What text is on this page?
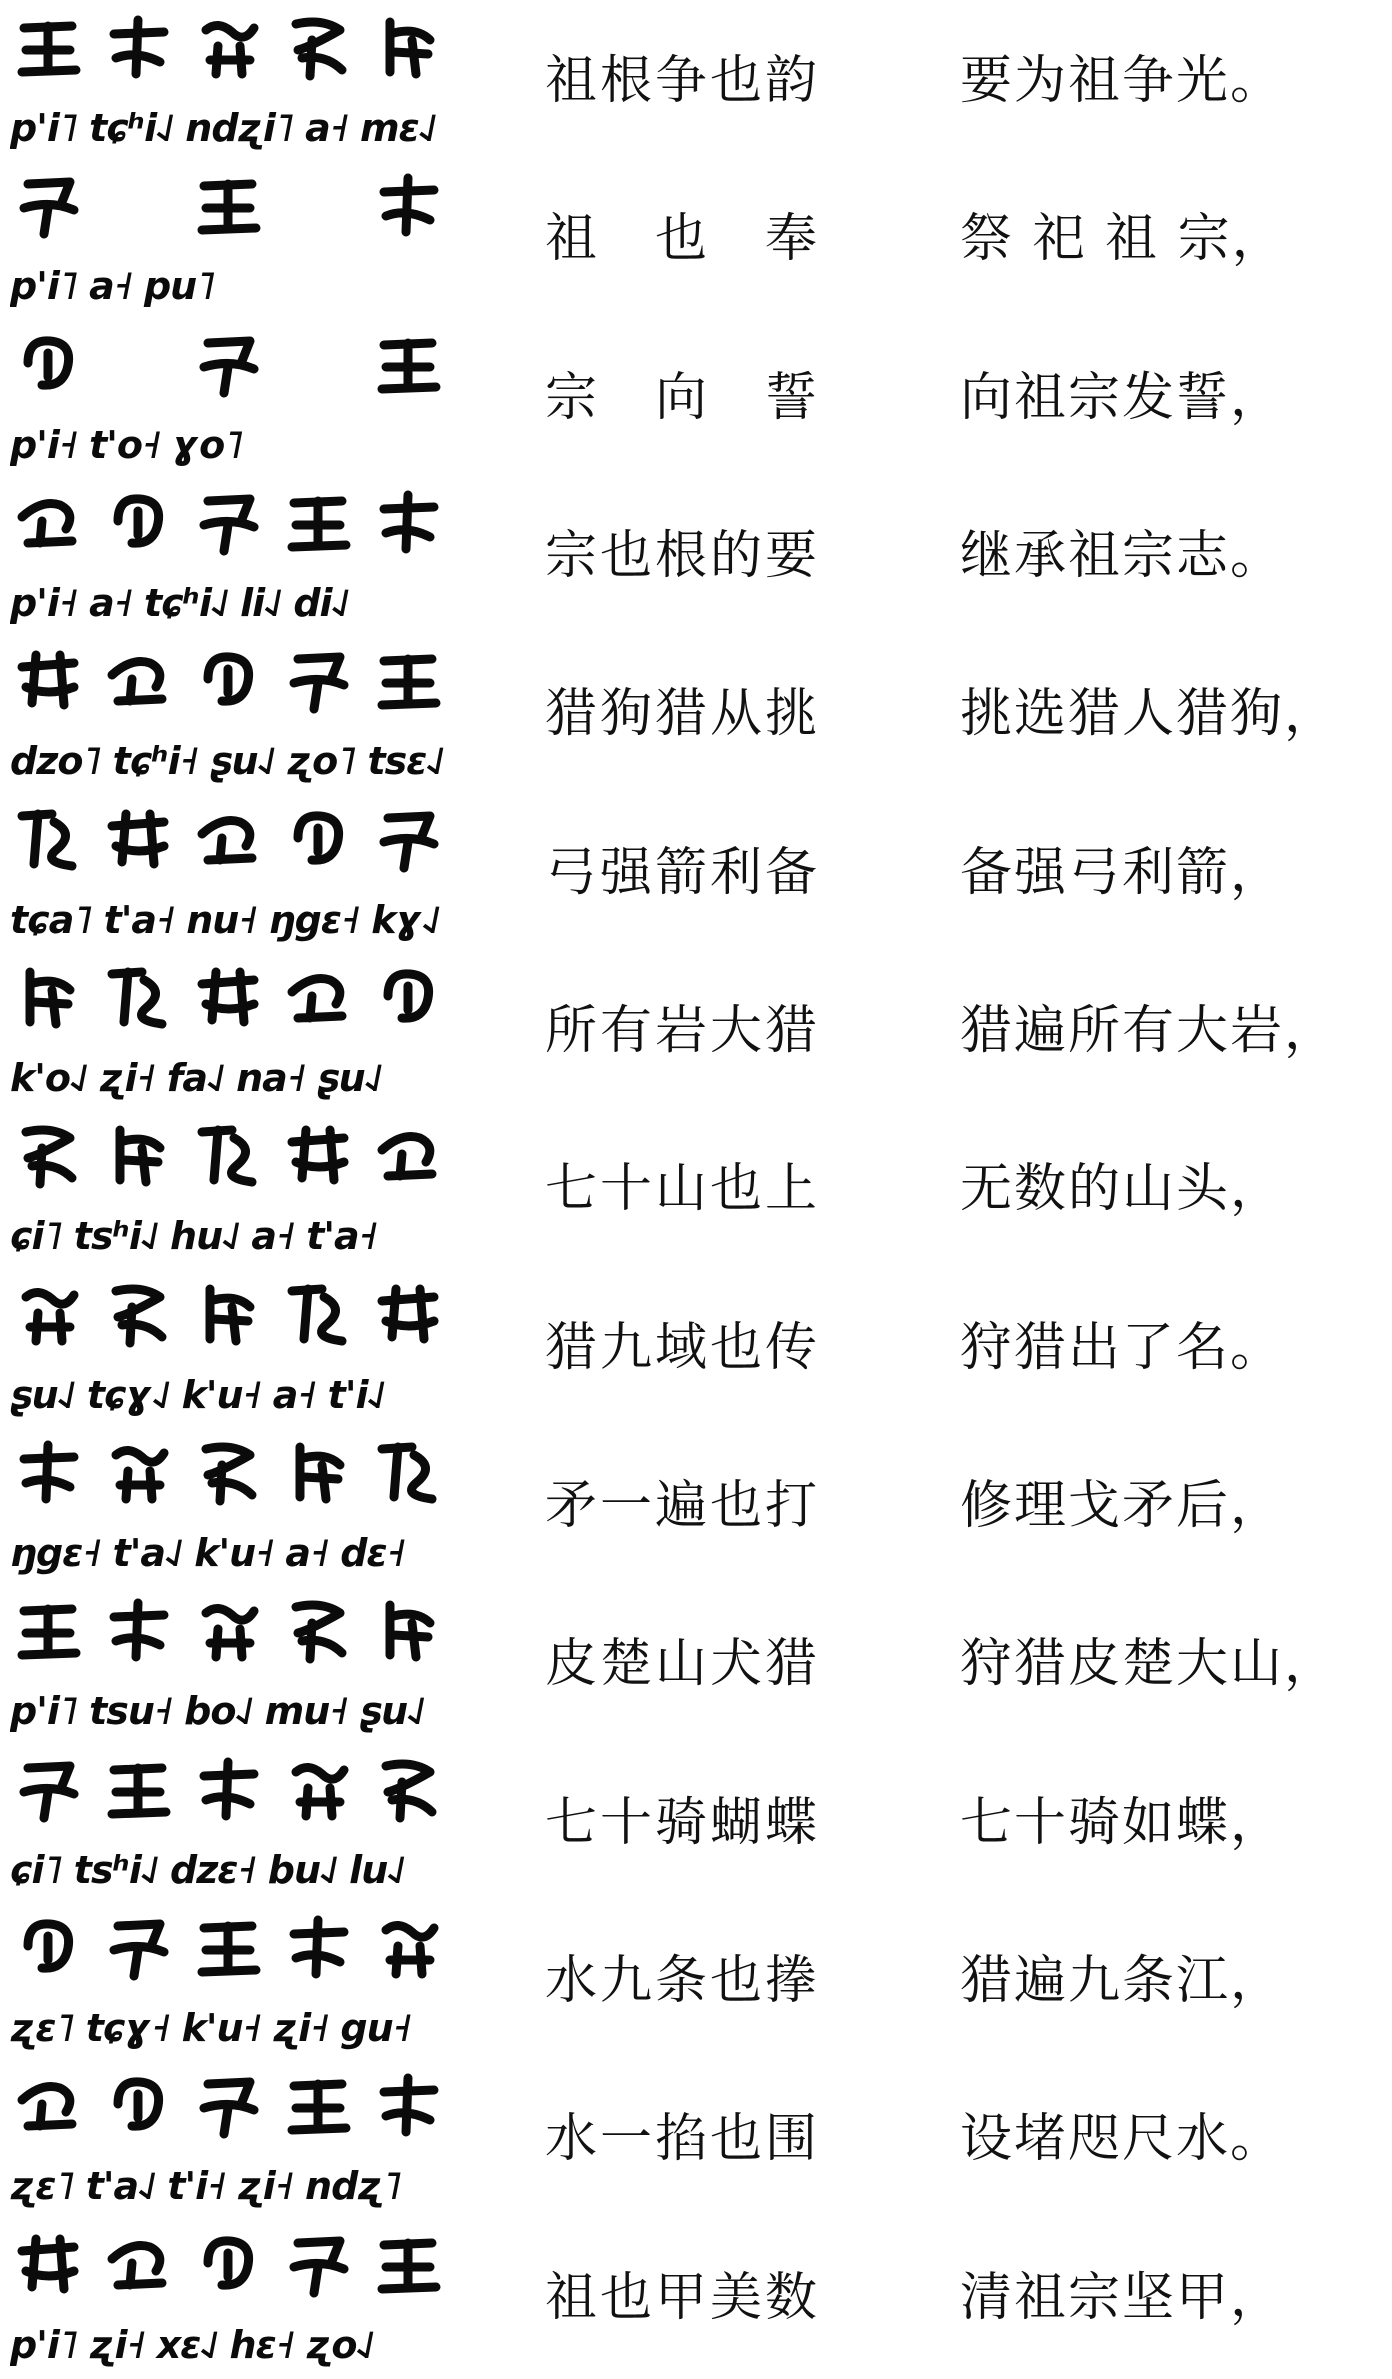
p'i˥ tɕʰi˨˩ ndʐi˥ a˧ mɛ˨˩
祖根争也韵	要为祖争光。
p'i˥ a˧ pu˥
祖　也　奉	祭 祀 祖 宗，
p'i˧ t'o˧ ɣo˥
宗　向　誓	向祖宗发誓，
p'i˧ a˧ tɕʰi˨˩ li˨˩ di˨˩
宗也根的要	继承祖宗志。
dzo˥ tɕʰi˧ ʂu˨˩ ʐo˥ tsɛ˨˩
猎狗猎从挑	挑选猎人猎狗，
tɕa˥ t'a˧ nu˧ ŋgɛ˧ kɣ˨˩
弓强箭利备	备强弓利箭，
k'o˨˩ ʐi˧ fa˨˩ na˧ ʂu˨˩
所有岩大猎	猎遍所有大岩，
ɕi˥ tsʰi˨˩ hu˨˩ a˧ t'a˧
七十山也上	无数的山头，
ʂu˨˩ tɕɣ˨˩ k'u˧ a˧ t'i˨˩
猎九域也传	狩猎出了名。
ŋgɛ˧ t'a˨˩ k'u˧ a˧ dɛ˧
矛一遍也打	修理戈矛后，
p'i˥ tsu˧ bo˨˩ mu˧ ʂu˨˩
皮楚山犬猎	狩猎皮楚大山，
ɕi˥ tsʰi˨˩ dzɛ˧ bu˨˩ lu˨˩
七十骑蝴蝶	七十骑如蝶，
ʐɛ˥ tɕɣ˧ k'u˧ ʐi˧ gu˧
水九条也搼	猎遍九条江，
ʐɛ˥ t'a˨˩ t'i˧ ʐi˧ ndʐ˥
水一掐也围	设堵咫尺水。
p'i˥ ʐi˧ xɛ˨˩ hɛ˧ ʐo˨˩
祖也甲美数	清祖宗坚甲，
